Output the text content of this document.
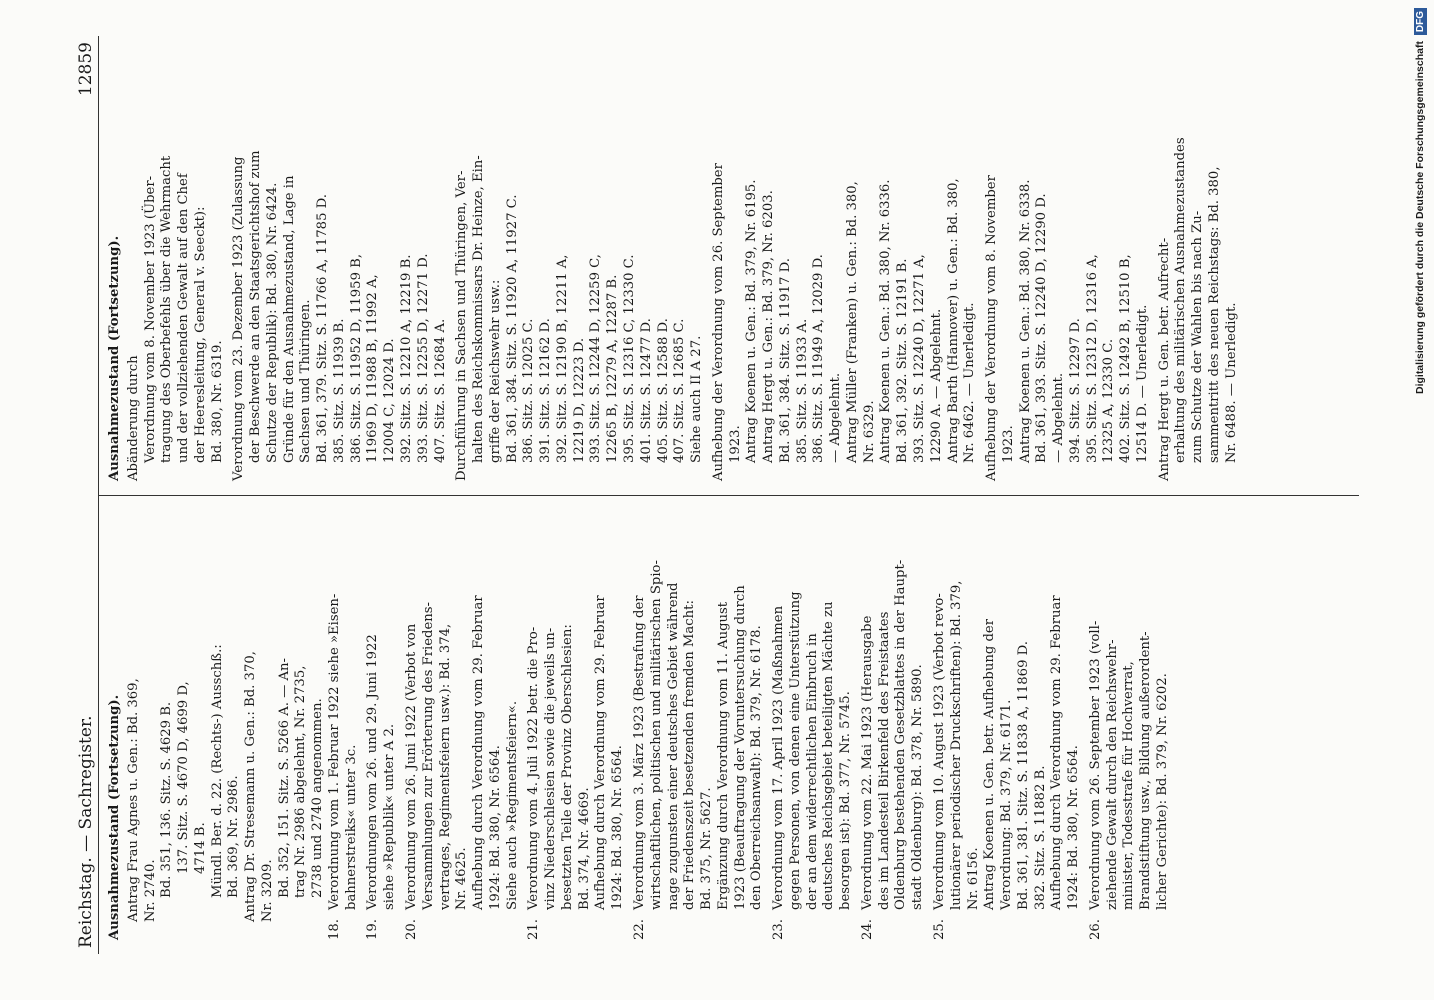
Reichstag. — Sachregister.
12859
Ausnahmezustand (Fortsetzung). Antrag Frau Agnes u. Gen.: Bd. 369, Nr. 2740. Bd. 351, 136. Sitz. S. 4629 B. 137. Sitz. S. 4670 D, 4699 D, 4714 B. Mündl. Ber. d. 22. (Rechts-) Ausschß.: Bd. 369, Nr. 2986. Antrag Dr. Stresemann u. Gen.: Bd. 370, Nr. 3209. Bd. 352, 151. Sitz. S. 5266 A. — An- trag Nr. 2986 abgelehnt, Nr. 2735, 2738 und 2740 angenommen.
18.
Verordnung vom 1. Februar 1922 siehe »Eisen- bahnerstreiks« unter 3c.
19.
Verordnungen vom 26. und 29. Juni 1922 siehe »Republik« unter A 2.
20.
Verordnung vom 26. Juni 1922 (Verbot von Versammlungen zur Erörterung des Friedens- vertrages, Regimentsfeiern usw.): Bd. 374, Nr. 4625. Aufhebung durch Verordnung vom 29. Februar 1924: Bd. 380, Nr. 6564. Siehe auch »Regimentsfeiern«.
21.
Verordnung vom 4. Juli 1922 betr. die Pro- vinz Niederschlesien sowie die jeweils un- besetzten Teile der Provinz Oberschlesien: Bd. 374, Nr. 4669. Aufhebung durch Verordnung vom 29. Februar 1924: Bd. 380, Nr. 6564.
22.
Verordnung vom 3. März 1923 (Bestrafung der wirtschaftlichen, politischen und militärischen Spio- nage zugunsten einer deutsches Gebiet während der Friedenszeit besetzenden fremden Macht: Bd. 375, Nr. 5627. Ergänzung durch Verordnung vom 11. August 1923 (Beauftragung der Voruntersuchung durch den Oberreichsanwalt): Bd. 379, Nr. 6178.
23.
Verordnung vom 17. April 1923 (Maßnahmen gegen Personen, von denen eine Unterstützung der an dem widerrechtlichen Einbruch in deutsches Reichsgebiet beteiligten Mächte zu besorgen ist): Bd. 377, Nr. 5745.
24.
Verordnung vom 22. Mai 1923 (Herausgabe des im Landesteil Birkenfeld des Freistaates Oldenburg bestehenden Gesetzblattes in der Haupt- stadt Oldenburg): Bd. 378, Nr. 5890.
25.
Verordnung vom 10. August 1923 (Verbot revo- lutionärer periodischer Druckschriften): Bd. 379, Nr. 6156. Antrag Koenen u. Gen. betr. Aufhebung der Verordnung: Bd. 379, Nr. 6171. Bd. 361, 381. Sitz. S. 11838 A, 11869 D. 382. Sitz. S. 11882 B. Aufhebung durch Verordnung vom 29. Februar 1924: Bd. 380, Nr. 6564.
26.
Verordnung vom 26. September 1923 (voll- ziehende Gewalt durch den Reichswehr- minister, Todesstrafe für Hochverrat, Brandstiftung usw., Bildung außerordent- licher Gerichte): Bd. 379, Nr. 6202.
Ausnahmezustand (Fortsetzung). Abänderung durch Verordnung vom 8. November 1923 (Über- tragung des Oberbefehls über die Wehrmacht und der vollziehenden Gewalt auf den Chef der Heeresleitung, General v. Seeckt): Bd. 380, Nr. 6319. Verordnung vom 23. Dezember 1923 (Zulassung der Beschwerde an den Staatsgerichtshof zum Schutze der Republik): Bd. 380, Nr. 6424. Gründe für den Ausnahmezustand, Lage in Sachsen und Thüringen. Bd. 361, 379. Sitz. S. 11766 A, 11785 D. 385. Sitz. S. 11939 B. 386. Sitz. S. 11952 D, 11959 B, 11969 D, 11988 B, 11992 A, 12004 C, 12024 D. 392. Sitz. S. 12210 A, 12219 B. 393. Sitz. S. 12255 D, 12271 D. 407. Sitz. S. 12684 A. Durchführung in Sachsen und Thüringen, Ver- halten des Reichskommissars Dr. Heinze, Ein- griffe der Reichswehr usw.: Bd. 361, 384. Sitz. S. 11920 A, 11927 C. 386. Sitz. S. 12025 C. 391. Sitz. S. 12162 D. 392. Sitz. S. 12190 B, 12211 A, 12219 D, 12223 D. 393. Sitz. S. 12244 D, 12259 C, 12265 B, 12279 A, 12287 B. 395. Sitz. S. 12316 C, 12330 C. 401. Sitz. S. 12477 D. 405. Sitz. S. 12588 D. 407. Sitz. S. 12685 C. Siehe auch II A 27. Aufhebung der Verordnung vom 26. September 1923. Antrag Koenen u. Gen.: Bd. 379, Nr. 6195. Antrag Hergt u. Gen.: Bd. 379, Nr. 6203. Bd. 361, 384. Sitz. S. 11917 D. 385. Sitz. S. 11933 A. 386. Sitz. S. 11949 A, 12029 D. — Abgelehnt. Antrag Müller (Franken) u. Gen.: Bd. 380, Nr. 6329. Antrag Koenen u. Gen.: Bd. 380, Nr. 6336. Bd. 361, 392. Sitz. S. 12191 B. 393. Sitz. S. 12240 D, 12271 A, 12290 A. — Abgelehnt. Antrag Barth (Hannover) u. Gen.: Bd. 380, Nr. 6462. — Unerledigt. Aufhebung der Verordnung vom 8. November 1923. Antrag Koenen u. Gen.: Bd. 380, Nr. 6338. Bd. 361, 393. Sitz. S. 12240 D, 12290 D. — Abgelehnt. 394. Sitz. S. 12297 D. 395. Sitz. S. 12312 D, 12316 A, 12325 A, 12330 C. 402. Sitz. S. 12492 B, 12510 B, 12514 D. — Unerledigt. Antrag Hergt u. Gen. betr. Aufrecht- erhaltung des militärischen Ausnahmezustandes zum Schutze der Wahlen bis nach Zu- sammentritt des neuen Reichstags: Bd. 380, Nr. 6488. — Unerledigt.	Digitalisierung gefördert durch die Deutsche Forschungsgemeinschaft DFG
